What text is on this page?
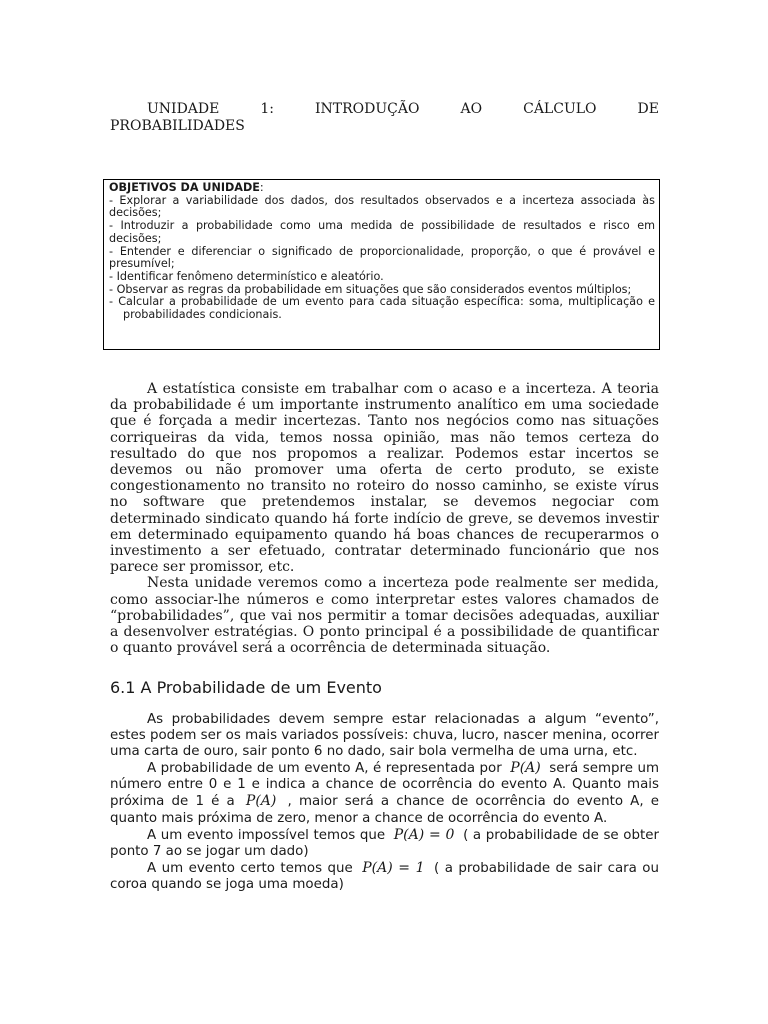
UNIDADE	1:	INTRODUÇÃO	AO	CÁLCULO	DE
PROBABILIDADES
OBJETIVOS DA UNIDADE:
- Explorar a variabilidade dos dados, dos resultados observados e a incerteza associada às decisões;
- Introduzir a probabilidade como uma medida de possibilidade de resultados e risco em decisões;
- Entender e diferenciar o significado de proporcionalidade, proporção, o que é provável e presumível;
- Identificar fenômeno determinístico e aleatório.
- Observar as regras da probabilidade em situações que são considerados eventos múltiplos;
- Calcular a probabilidade de um evento para cada situação específica: soma, multiplicação e probabilidades condicionais.

A estatística consiste em trabalhar com o acaso e a incerteza. A teoria da probabilidade é um importante instrumento analítico em uma sociedade que é forçada a medir incertezas. Tanto nos negócios como nas situações corriqueiras da vida, temos nossa opinião, mas não temos certeza do resultado do que nos propomos a realizar. Podemos estar incertos se devemos ou não promover uma oferta de certo produto, se existe congestionamento no transito no roteiro do nosso caminho, se existe vírus no software que pretendemos instalar, se devemos negociar com determinado sindicato quando há forte indício de greve, se devemos investir em determinado equipamento quando há boas chances de recuperarmos o investimento a ser efetuado, contratar determinado funcionário que nos parece ser promissor, etc.

Nesta unidade veremos como a incerteza pode realmente ser medida, como associar-lhe números e como interpretar estes valores chamados de “probabilidades”, que vai nos permitir a tomar decisões adequadas, auxiliar a desenvolver estratégias. O ponto principal é a possibilidade de quantificar o quanto provável será a ocorrência de determinada situação.

6.1 A Probabilidade de um Evento

As probabilidades devem sempre estar relacionadas a algum “evento”, estes podem ser os mais variados possíveis: chuva, lucro, nascer menina, ocorrer uma carta de ouro, sair ponto 6 no dado, sair bola vermelha de uma urna, etc.

A probabilidade de um evento A, é representada por P(A) será sempre um número entre 0 e 1 e indica a chance de ocorrência do evento A. Quanto mais próxima de 1 é a P(A) , maior será a chance de ocorrência do evento A, e quanto mais próxima de zero, menor a chance de ocorrência do evento A.

A um evento impossível temos que P(A) = 0 ( a probabilidade de se obter ponto 7 ao se jogar um dado)

A um evento certo temos que P(A) = 1 ( a probabilidade de sair cara ou coroa quando se joga uma moeda)
